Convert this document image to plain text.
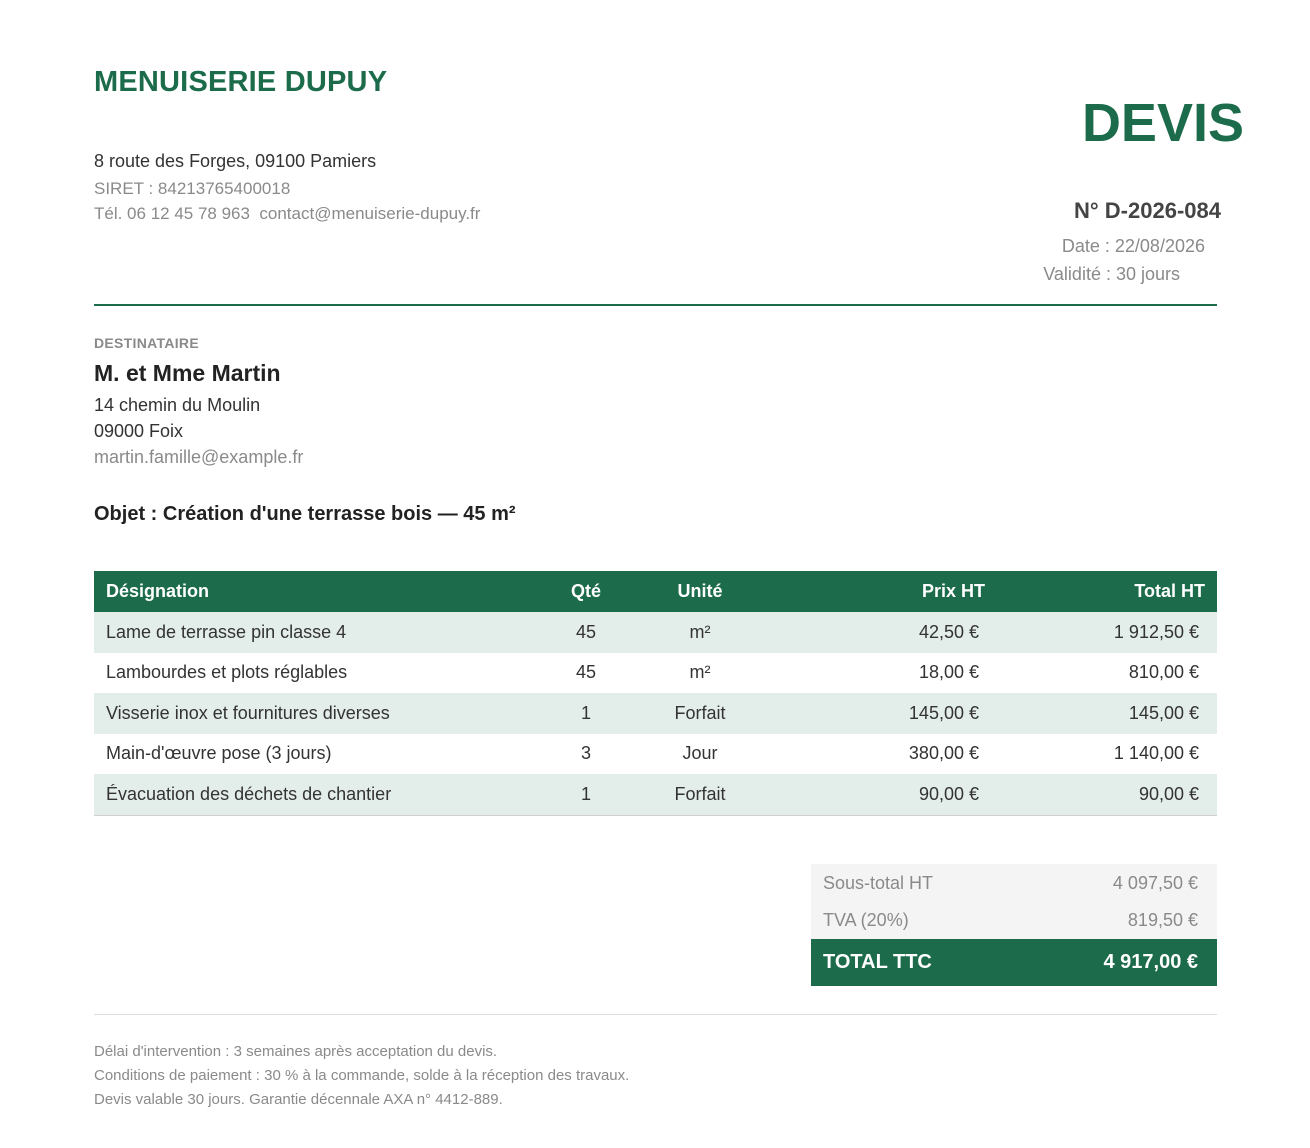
MENUISERIE DUPUY
8 route des Forges, 09100 Pamiers
SIRET : 84213765400018
Tél. 06 12 45 78 963  contact@menuiserie-dupuy.fr
DEVIS
N° D-2026-084
Date : 22/08/2026
Validité : 30 jours
DESTINATAIRE
M. et Mme Martin
14 chemin du Moulin
09000 Foix
martin.famille@example.fr
Objet : Création d'une terrasse bois — 45 m²
Désignation	Qté	Unité	Prix HT	Total HT
Lame de terrasse pin classe 4	45	m²	42,50 €	1 912,50 €
Lambourdes et plots réglables	45	m²	18,00 €	810,00 €
Visserie inox et fournitures diverses	1	Forfait	145,00 €	145,00 €
Main-d'œuvre pose (3 jours)	3	Jour	380,00 €	1 140,00 €
Évacuation des déchets de chantier	1	Forfait	90,00 €	90,00 €
Sous-total HT	4 097,50 €
TVA (20%)	819,50 €
TOTAL TTC	4 917,00 €
Délai d'intervention : 3 semaines après acceptation du devis.
Conditions de paiement : 30 % à la commande, solde à la réception des travaux.
Devis valable 30 jours. Garantie décennale AXA n° 4412-889.
